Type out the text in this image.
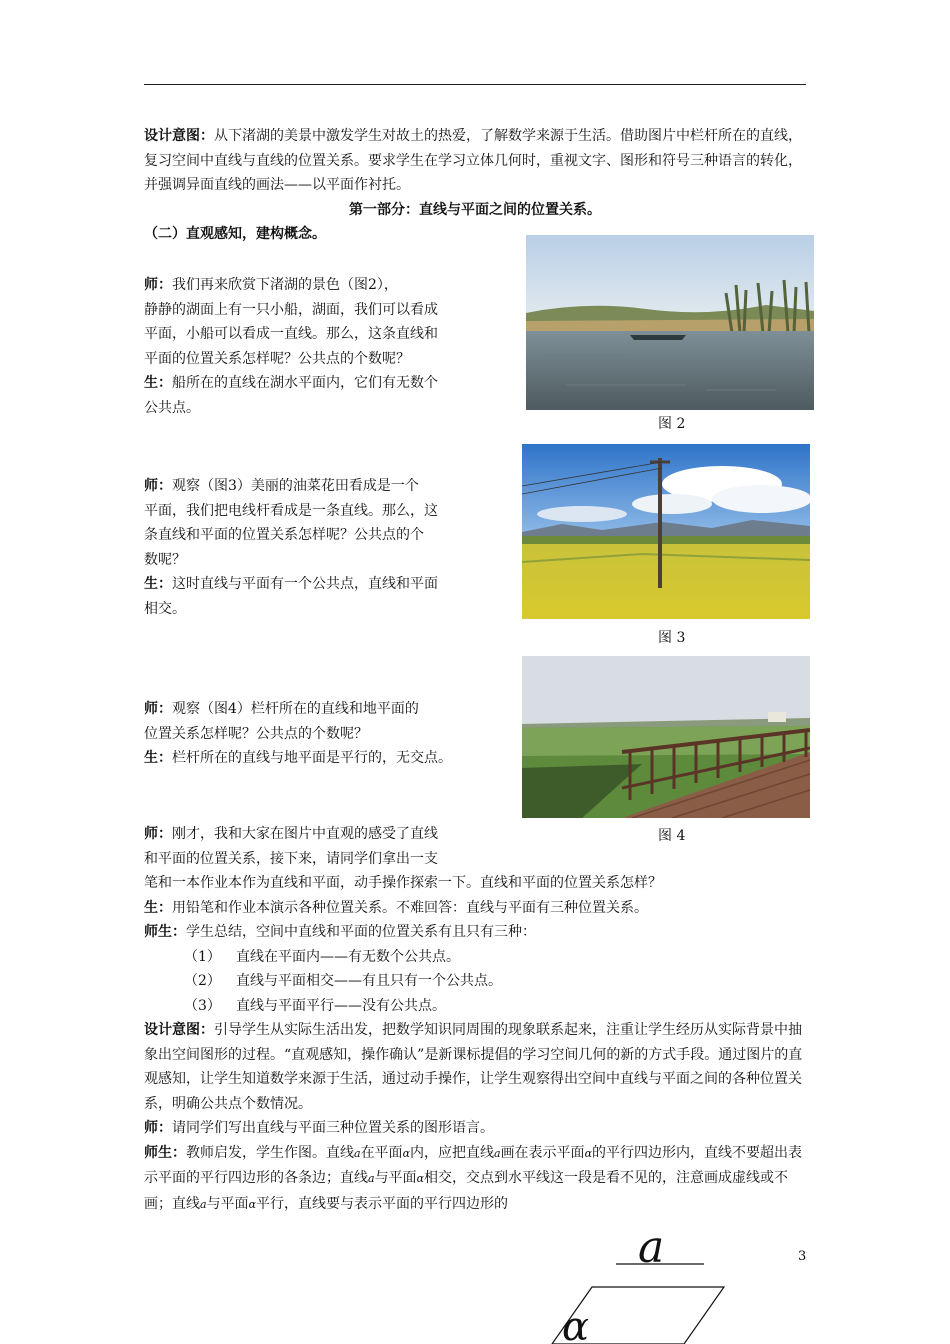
设计意图：从下渚湖的美景中激发学生对故土的热爱，了解数学来源于生活。借助图片中栏杆所在的直线，复习空间中直线与直线的位置关系。要求学生在学习立体几何时，重视文字、图形和符号三种语言的转化，并强调异面直线的画法——以平面作衬托。

第一部分：直线与平面之间的位置关系。

（二）直观感知，建构概念。

师：我们再来欣赏下渚湖的景色（图2），

静静的湖面上有一只小船，湖面，我们可以看成

平面，小船可以看成一直线。那么，这条直线和

平面的位置关系怎样呢？公共点的个数呢？

生：船所在的直线在湖水平面内，它们有无数个

公共点。

图 2

师：观察（图3）美丽的油菜花田看成是一个

平面，我们把电线杆看成是一条直线。那么，这

条直线和平面的位置关系怎样呢？公共点的个

数呢？

生：这时直线与平面有一个公共点，直线和平面

相交。

图 3

师：观察（图4）栏杆所在的直线和地平面的

位置关系怎样呢？公共点的个数呢？

生：栏杆所在的直线与地平面是平行的，无交点。

图 4

师：刚才，我和大家在图片中直观的感受了直线

和平面的位置关系，接下来，请同学们拿出一支

笔和一本作业本作为直线和平面，动手操作探索一下。直线和平面的位置关系怎样？

生：用铅笔和作业本演示各种位置关系。不难回答：直线与平面有三种位置关系。

师生：学生总结，空间中直线和平面的位置关系有且只有三种：

（1） 直线在平面内——有无数个公共点。

（2） 直线与平面相交——有且只有一个公共点。

（3） 直线与平面平行——没有公共点。

设计意图：引导学生从实际生活出发，把数学知识同周围的现象联系起来，注重让学生经历从实际背景中抽象出空间图形的过程。“直观感知，操作确认”是新课标提倡的学习空间几何的新的方式手段。通过图片的直观感知，让学生知道数学来源于生活，通过动手操作，让学生观察得出空间中直线与平面之间的各种位置关系，明确公共点个数情况。

师：请同学们写出直线与平面三种位置关系的图形语言。

师生：教师启发，学生作图。直线a在平面α内，应把直线a画在表示平面α的平行四边形内，直线不要超出表示平面的平行四边形的各条边；直线a与平面α相交，交点到水平线这一段是看不见的，注意画成虚线或不画；直线a与平面α平行，直线要与表示平面的平行四边形的

3
a
α
